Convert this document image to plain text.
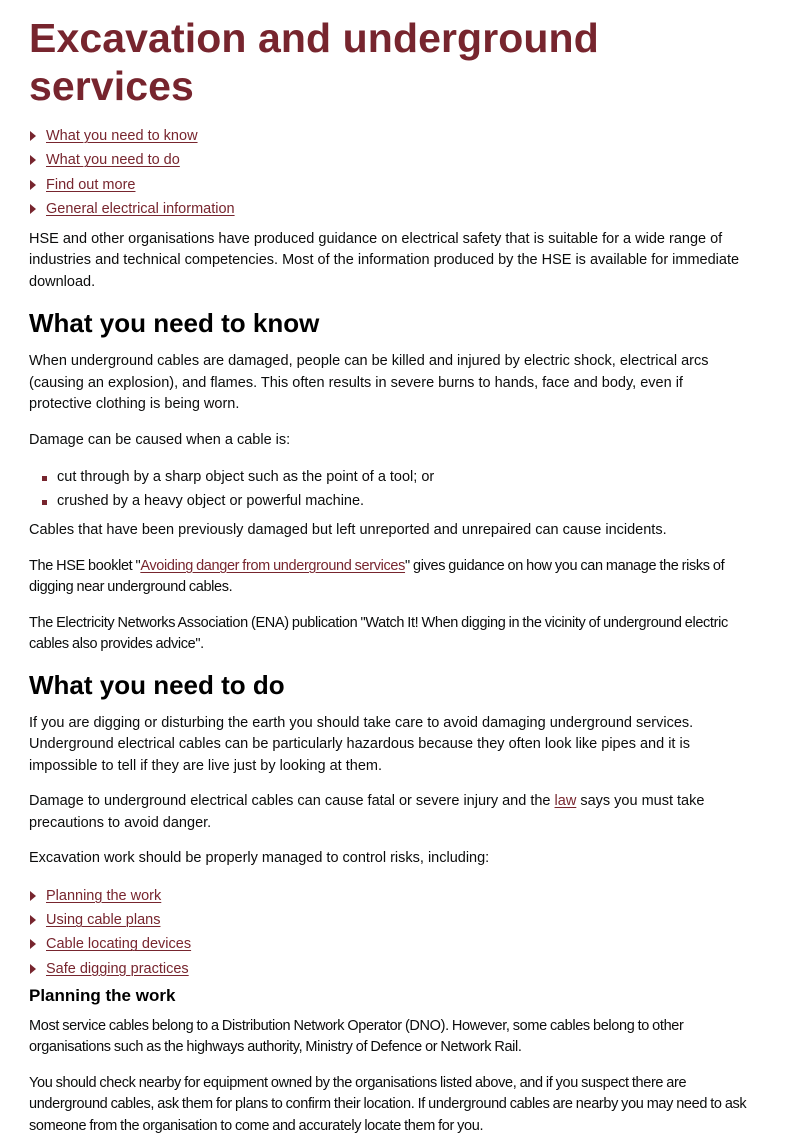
Excavation and underground services
What you need to know
What you need to do
Find out more
General electrical information

HSE and other organisations have produced guidance on electrical safety that is suitable for a wide range of industries and technical competencies. Most of the information produced by the HSE is available for immediate download.

What you need to know

When underground cables are damaged, people can be killed and injured by electric shock, electrical arcs (causing an explosion), and flames. This often results in severe burns to hands, face and body, even if protective clothing is being worn.

Damage can be caused when a cable is:

cut through by a sharp object such as the point of a tool; or
crushed by a heavy object or powerful machine.

Cables that have been previously damaged but left unreported and unrepaired can cause incidents.

The HSE booklet "Avoiding danger from underground services" gives guidance on how you can manage the risks of digging near underground cables.

The Electricity Networks Association (ENA) publication "Watch It! When digging in the vicinity of underground electric cables also provides advice".

What you need to do

If you are digging or disturbing the earth you should take care to avoid damaging underground services. Underground electrical cables can be particularly hazardous because they often look like pipes and it is impossible to tell if they are live just by looking at them.

Damage to underground electrical cables can cause fatal or severe injury and the law says you must take precautions to avoid danger.

Excavation work should be properly managed to control risks, including:

Planning the work
Using cable plans
Cable locating devices
Safe digging practices
Planning the work

Most service cables belong to a Distribution Network Operator (DNO). However, some cables belong to other organisations such as the highways authority, Ministry of Defence or Network Rail.

You should check nearby for equipment owned by the organisations listed above, and if you suspect there are underground cables, ask them for plans to confirm their location. If underground cables are nearby you may need to ask someone from the organisation to come and accurately locate them for you.
